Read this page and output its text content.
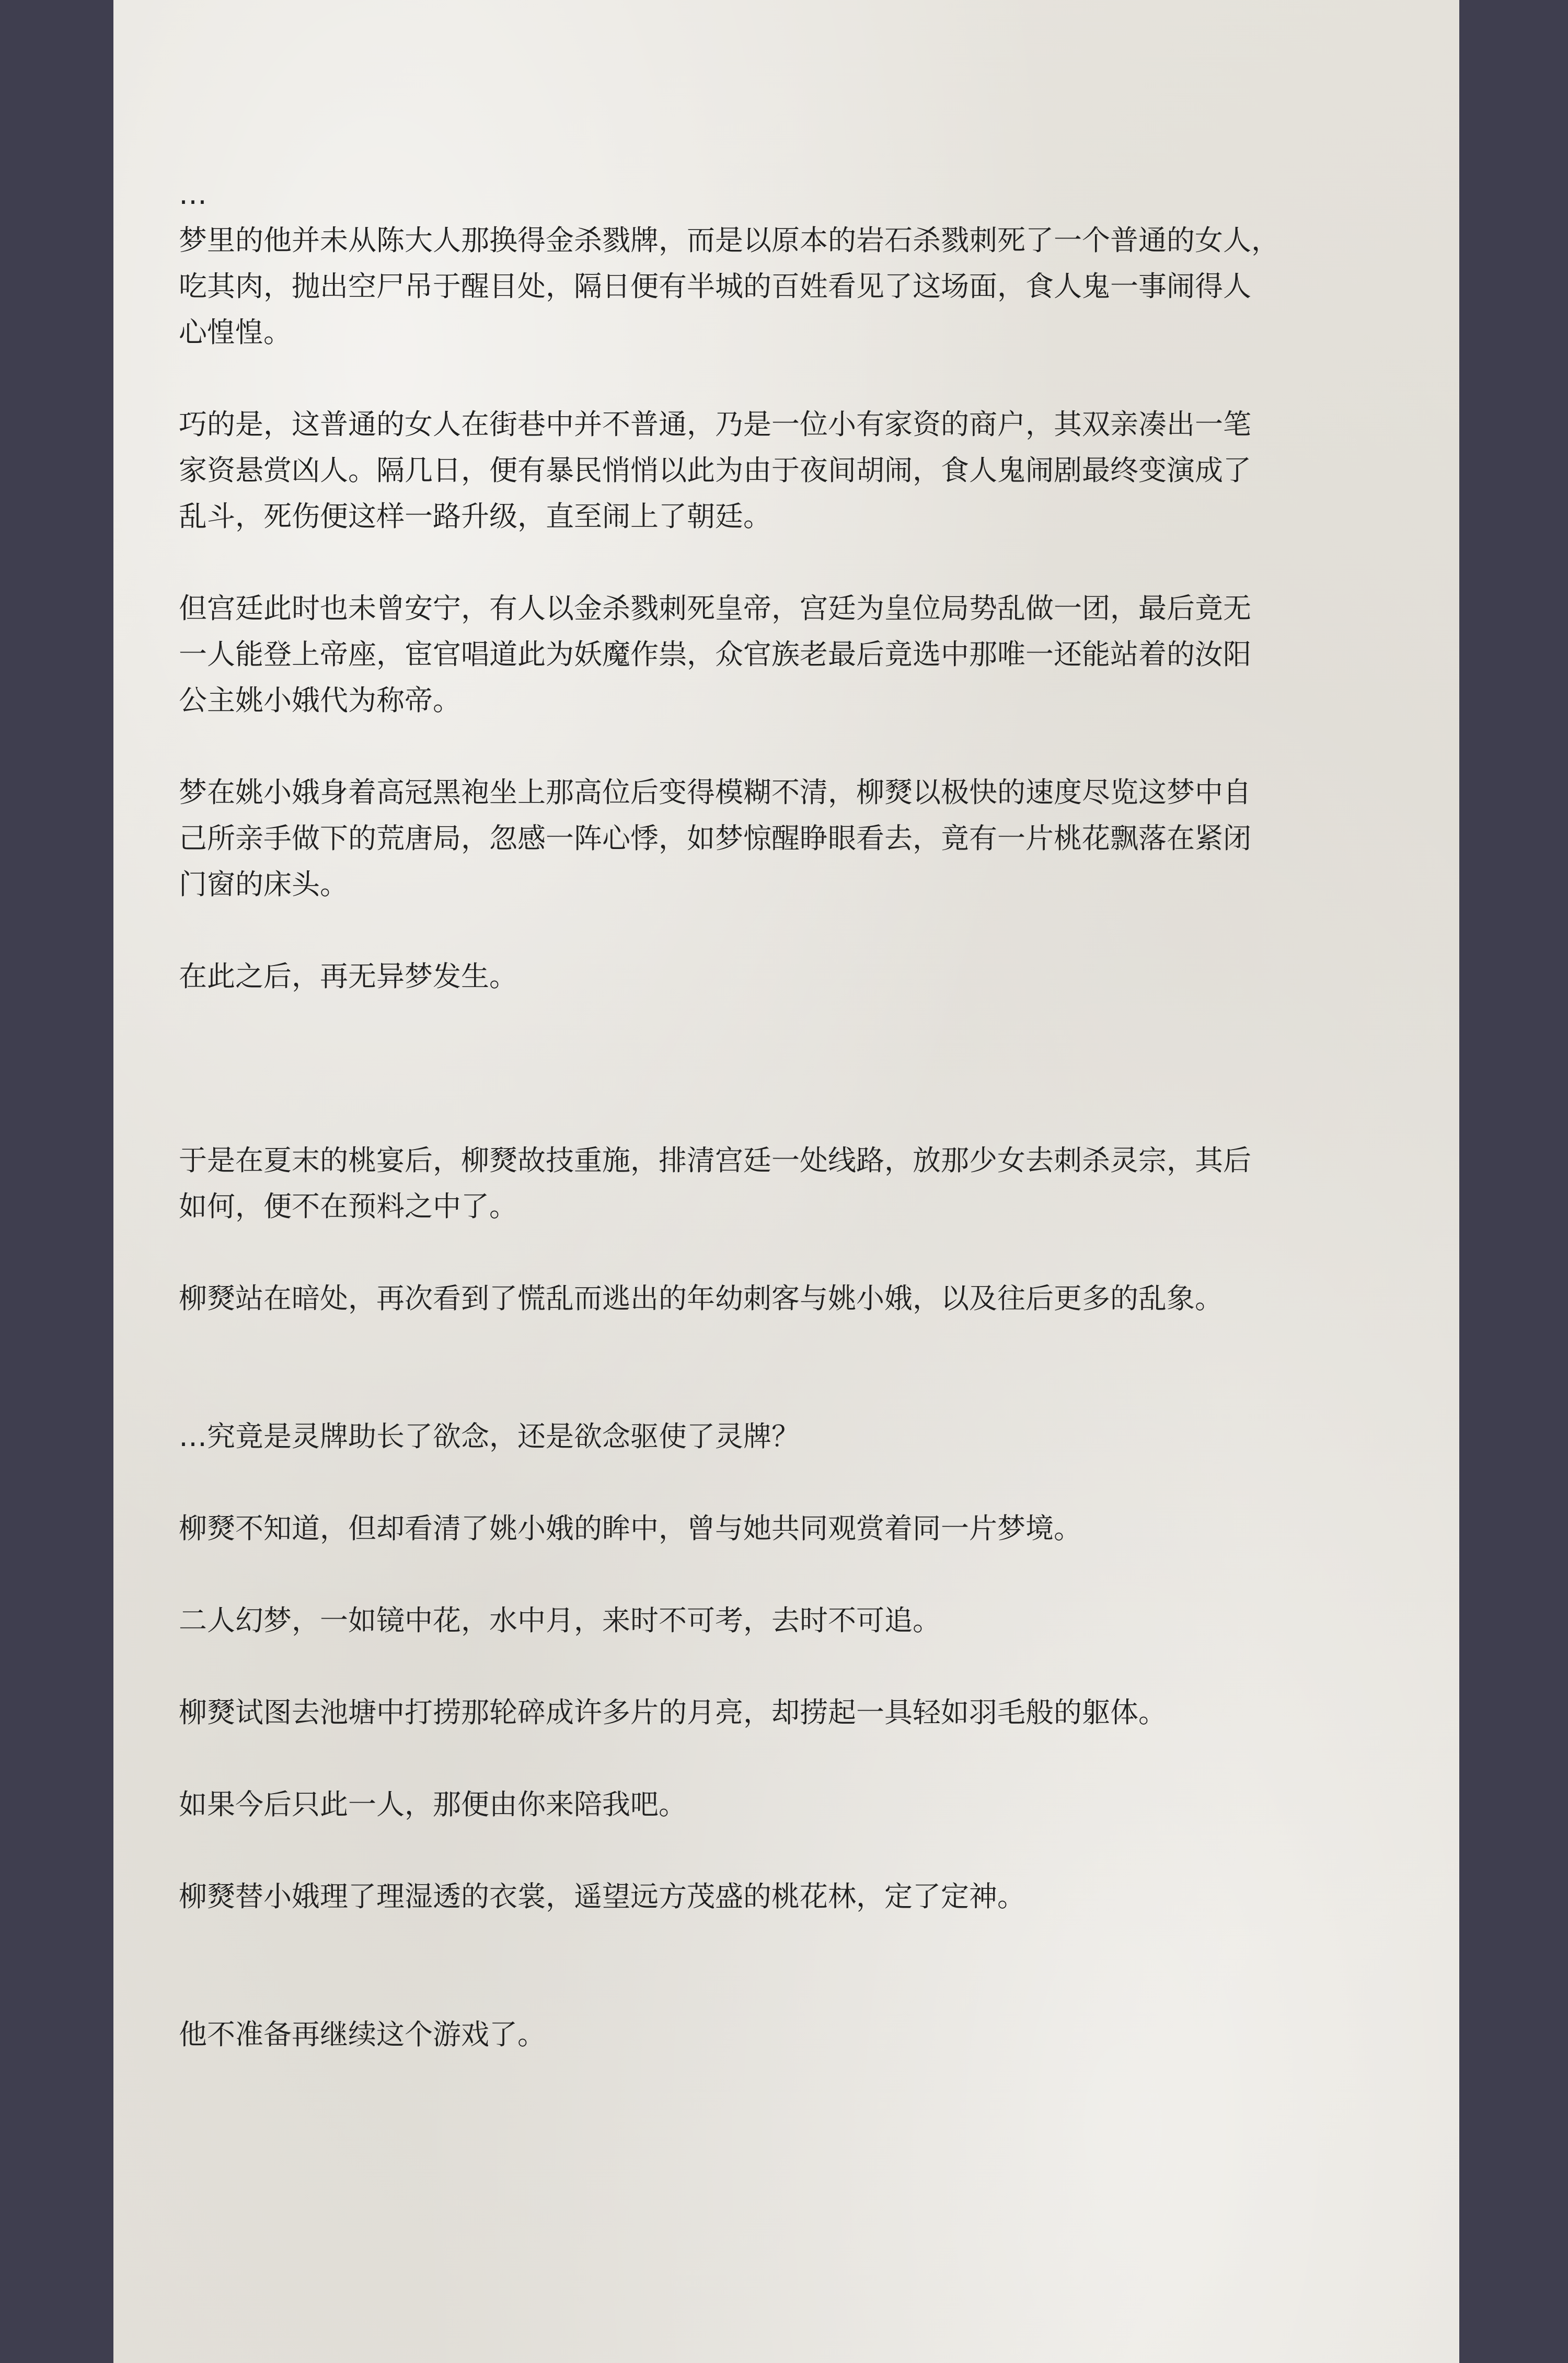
…

梦里的他并未从陈大人那换得金杀戮牌，而是以原本的岩石杀戮刺死了一个普通的女人，

吃其肉，抛出空尸吊于醒目处，隔日便有半城的百姓看见了这场面，食人鬼一事闹得人

心惶惶。

巧的是，这普通的女人在街巷中并不普通，乃是一位小有家资的商户，其双亲凑出一笔

家资悬赏凶人。隔几日，便有暴民悄悄以此为由于夜间胡闹，食人鬼闹剧最终变演成了

乱斗，死伤便这样一路升级，直至闹上了朝廷。

但宫廷此时也未曾安宁，有人以金杀戮刺死皇帝，宫廷为皇位局势乱做一团，最后竟无

一人能登上帝座，宦官唱道此为妖魔作祟，众官族老最后竟选中那唯一还能站着的汝阳

公主姚小娥代为称帝。

梦在姚小娥身着高冠黑袍坐上那高位后变得模糊不清，柳燹以极快的速度尽览这梦中自

己所亲手做下的荒唐局，忽感一阵心悸，如梦惊醒睁眼看去，竟有一片桃花飘落在紧闭

门窗的床头。

在此之后，再无异梦发生。

于是在夏末的桃宴后，柳燹故技重施，排清宫廷一处线路，放那少女去刺杀灵宗，其后

如何，便不在预料之中了。

柳燹站在暗处，再次看到了慌乱而逃出的年幼刺客与姚小娥，以及往后更多的乱象。

…究竟是灵牌助长了欲念，还是欲念驱使了灵牌？

柳燹不知道，但却看清了姚小娥的眸中，曾与她共同观赏着同一片梦境。

二人幻梦，一如镜中花，水中月，来时不可考，去时不可追。

柳燹试图去池塘中打捞那轮碎成许多片的月亮，却捞起一具轻如羽毛般的躯体。

如果今后只此一人，那便由你来陪我吧。

柳燹替小娥理了理湿透的衣裳，遥望远方茂盛的桃花林，定了定神。

他不准备再继续这个游戏了。
